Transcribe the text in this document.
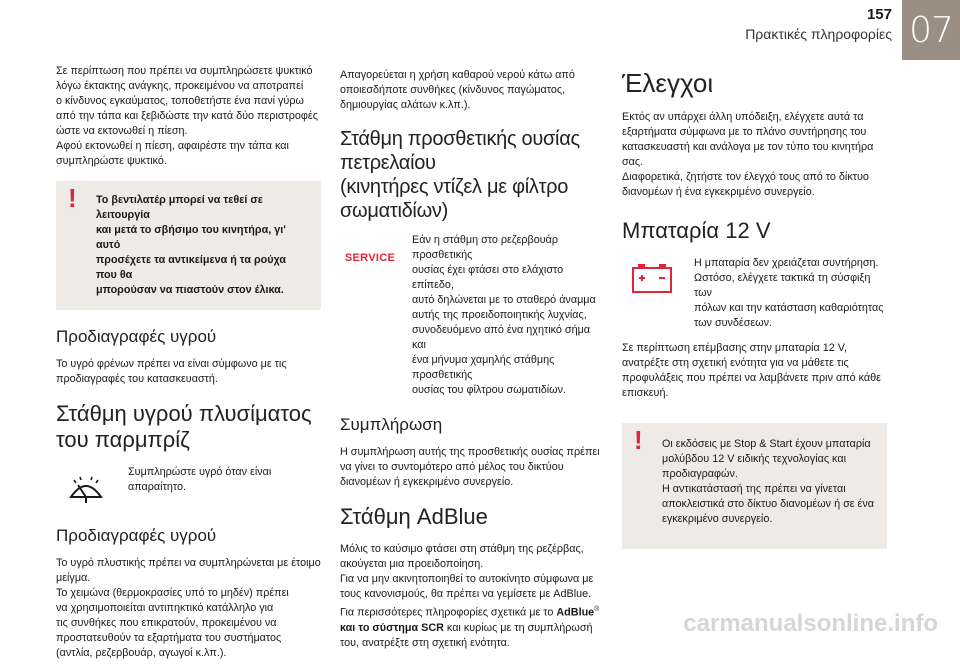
157
Πρακτικές πληροφορίες 07

Σε περίπτωση που πρέπει να συμπληρώσετε ψυκτικό
λόγω έκτακτης ανάγκης, προκειμένου να αποτραπεί
ο κίνδυνος εγκαύματος, τοποθετήστε ένα πανί γύρω
από την τάπα και ξεβιδώστε την κατά δύο περιστροφές
ώστε να εκτονωθεί η πίεση.
Αφού εκτονωθεί η πίεση, αφαιρέστε την τάπα και
συμπληρώστε ψυκτικό.

! Το βεντιλατέρ μπορεί να τεθεί σε λειτουργία
και μετά το σβήσιμο του κινητήρα, γι' αυτό
προσέχετε τα αντικείμενα ή τα ρούχα που θα
μπορούσαν να πιαστούν στον έλικα.
Προδιαγραφές υγρού

Το υγρό φρένων πρέπει να είναι σύμφωνο με τις
προδιαγραφές του κατασκευαστή.

Στάθμη υγρού πλυσίματος
του παρμπρίζ
Συμπληρώστε υγρό όταν είναι απαραίτητο.
Προδιαγραφές υγρού

Το υγρό πλυστικής πρέπει να συμπληρώνεται με έτοιμο
μείγμα.
Το χειμώνα (θερμοκρασίες υπό το μηδέν) πρέπει
να χρησιμοποιείται αντιπηκτικό κατάλληλο για
τις συνθήκες που επικρατούν, προκειμένου να
προστατευθούν τα εξαρτήματα του συστήματος
(αντλία, ρεζερβουάρ, αγωγοί κ.λπ.).

Απαγορεύεται η χρήση καθαρού νερού κάτω από
οποιεσδήποτε συνθήκες (κίνδυνος παγώματος,
δημιουργίας αλάτων κ.λπ.).

Στάθμη προσθετικής ουσίας πετρελαίου
(κινητήρες ντίζελ με φίλτρο σωματιδίων)
SERVICE
Εάν η στάθμη στο ρεζερβουάρ προσθετικής
ουσίας έχει φτάσει στο ελάχιστο επίπεδο,
αυτό δηλώνεται με το σταθερό άναμμα
αυτής της προειδοποιητικής λυχνίας,
συνοδευόμενο από ένα ηχητικό σήμα και
ένα μήνυμα χαμηλής στάθμης προσθετικής
ουσίας του φίλτρου σωματιδίων.
Συμπλήρωση

Η συμπλήρωση αυτής της προσθετικής ουσίας πρέπει
να γίνει το συντομότερο από μέλος του δικτύου
διανομέων ή εγκεκριμένο συνεργείο.

Στάθμη AdBlue

Μόλις το καύσιμο φτάσει στη στάθμη της ρεζέρβας,
ακούγεται μια προειδοποίηση.
Για να μην ακινητοποιηθεί το αυτοκίνητο σύμφωνα με
τους κανονισμούς, θα πρέπει να γεμίσετε με AdBlue.
Για περισσότερες πληροφορίες σχετικά με το AdBlue®
και το σύστημα SCR και κυρίως με τη συμπλήρωσή
του, ανατρέξτε στη σχετική ενότητα.

Έλεγχοι

Εκτός αν υπάρχει άλλη υπόδειξη, ελέγχετε αυτά τα
εξαρτήματα σύμφωνα με το πλάνο συντήρησης του
κατασκευαστή και ανάλογα με τον τύπο του κινητήρα
σας.
Διαφορετικά, ζητήστε τον έλεγχό τους από το δίκτυο
διανομέων ή ένα εγκεκριμένο συνεργείο.

Μπαταρία 12 V
Η μπαταρία δεν χρειάζεται συντήρηση.
Ωστόσο, ελέγχετε τακτικά τη σύσφιξη των
πόλων και την κατάσταση καθαριότητας
των συνδέσεων.

Σε περίπτωση επέμβασης στην μπαταρία 12 V,
ανατρέξτε στη σχετική ενότητα για να μάθετε τις
προφυλάξεις που πρέπει να λαμβάνετε πριν από κάθε
επισκευή.

! Οι εκδόσεις με Stop & Start έχουν μπαταρία
μολύβδου 12 V ειδικής τεχνολογίας και
προδιαγραφών.
Η αντικατάστασή της πρέπει να γίνεται
αποκλειστικά στο δίκτυο διανομέων ή σε ένα
εγκεκριμένο συνεργείο.
carmanualsonline.info
